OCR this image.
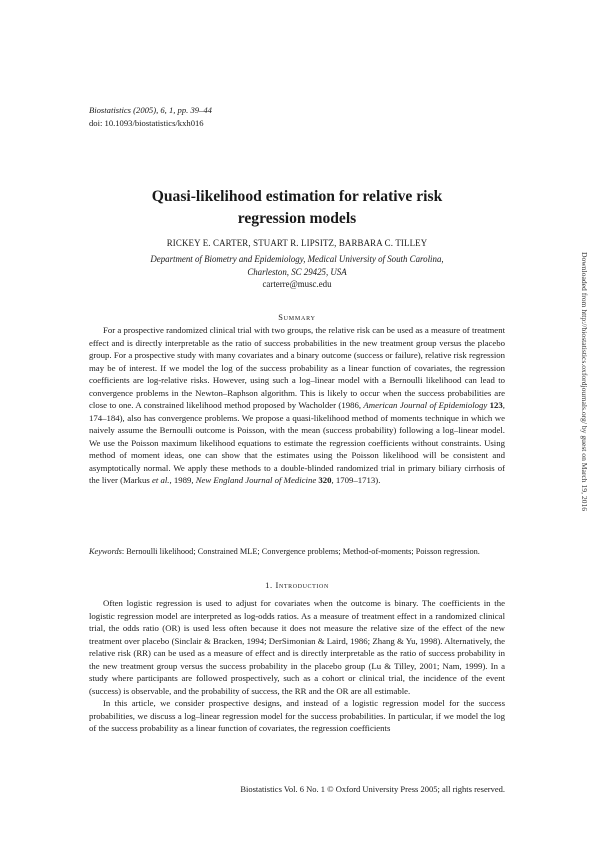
Biostatistics (2005), 6, 1, pp. 39–44
doi: 10.1093/biostatistics/kxh016
Quasi-likelihood estimation for relative risk
regression models
RICKEY E. CARTER, STUART R. LIPSITZ, BARBARA C. TILLEY
Department of Biometry and Epidemiology, Medical University of South Carolina,
Charleston, SC 29425, USA
carterre@musc.edu
Summary
For a prospective randomized clinical trial with two groups, the relative risk can be used as a measure of treatment effect and is directly interpretable as the ratio of success probabilities in the new treatment group versus the placebo group. For a prospective study with many covariates and a binary outcome (success or failure), relative risk regression may be of interest. If we model the log of the success probability as a linear function of covariates, the regression coefficients are log-relative risks. However, using such a log–linear model with a Bernoulli likelihood can lead to convergence problems in the Newton–Raphson algorithm. This is likely to occur when the success probabilities are close to one. A constrained likelihood method proposed by Wacholder (1986, American Journal of Epidemiology 123, 174–184), also has convergence problems. We propose a quasi-likelihood method of moments technique in which we naively assume the Bernoulli outcome is Poisson, with the mean (success probability) following a log–linear model. We use the Poisson maximum likelihood equations to estimate the regression coefficients without constraints. Using method of moment ideas, one can show that the estimates using the Poisson likelihood will be consistent and asymptotically normal. We apply these methods to a double-blinded randomized trial in primary biliary cirrhosis of the liver (Markus et al., 1989, New England Journal of Medicine 320, 1709–1713).
Keywords: Bernoulli likelihood; Constrained MLE; Convergence problems; Method-of-moments; Poisson regression.
1. Introduction

Often logistic regression is used to adjust for covariates when the outcome is binary. The coefficients in the logistic regression model are interpreted as log-odds ratios. As a measure of treatment effect in a randomized clinical trial, the odds ratio (OR) is used less often because it does not measure the relative size of the effect of the new treatment over placebo (Sinclair & Bracken, 1994; DerSimonian & Laird, 1986; Zhang & Yu, 1998). Alternatively, the relative risk (RR) can be used as a measure of effect and is directly interpretable as the ratio of success probability in the new treatment group versus the success probability in the placebo group (Lu & Tilley, 2001; Nam, 1999). In a study where participants are followed prospectively, such as a cohort or clinical trial, the incidence of the event (success) is observable, and the probability of success, the RR and the OR are all estimable.

In this article, we consider prospective designs, and instead of a logistic regression model for the success probabilities, we discuss a log–linear regression model for the success probabilities. In particular, if we model the log of the success probability as a linear function of covariates, the regression coefficients

Biostatistics Vol. 6 No. 1 © Oxford University Press 2005; all rights reserved.
Downloaded from http://biostatistics.oxfordjournals.org/ by guest on March 19, 2016
